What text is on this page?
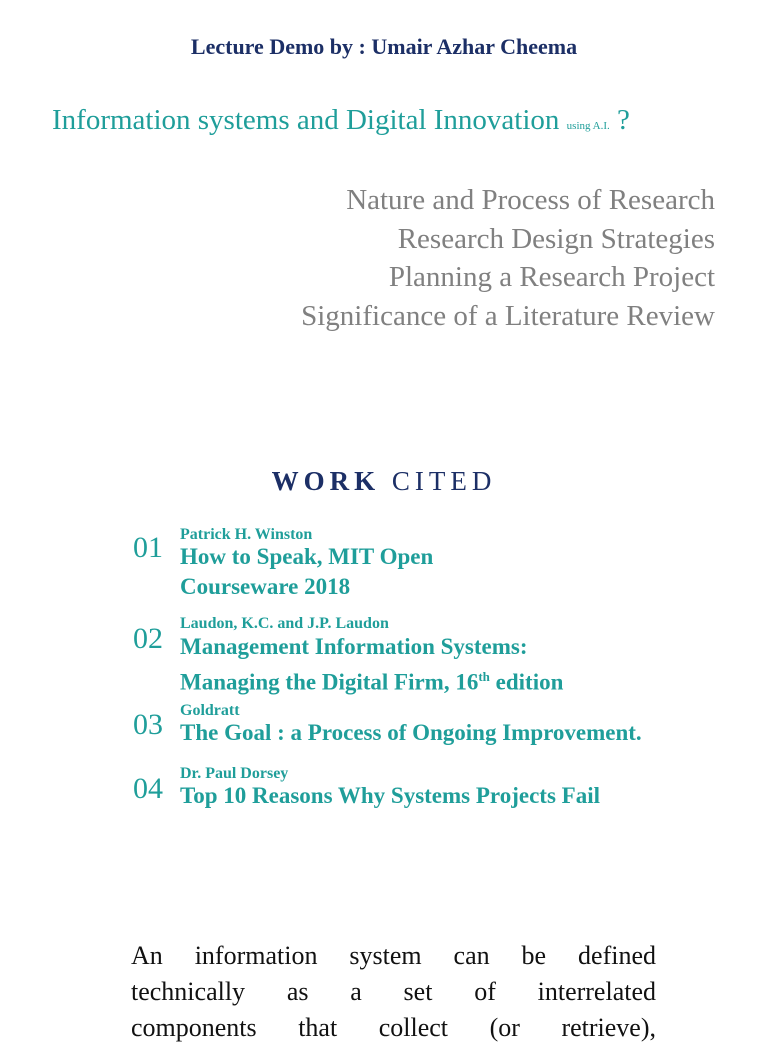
Lecture Demo by : Umair Azhar Cheema
Information systems and Digital Innovation using A.I. ?
Nature and Process of Research
Research Design Strategies
Planning a Research Project
Significance of a Literature Review
WORK CITED
01 Patrick H. Winston
How to Speak, MIT Open
Courseware 2018
02 Laudon, K.C. and J.P. Laudon
Management Information Systems:
Managing the Digital Firm, 16th edition
03 Goldratt
The Goal : a Process of Ongoing Improvement.
04 Dr. Paul Dorsey
Top 10 Reasons Why Systems Projects Fail
An information system can be defined
technically as a set of interrelated
components that collect (or retrieve),
